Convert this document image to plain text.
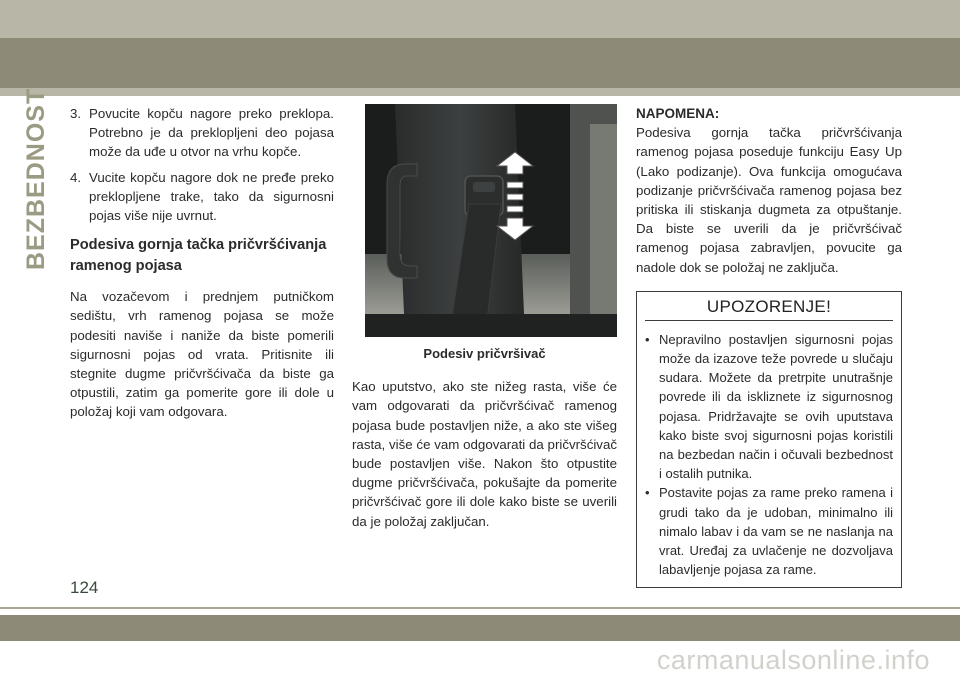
BEZBEDNOST 3. Povucite kopču nagore preko preklopa. Potrebno je da preklopljeni deo pojasa može da uđe u otvor na vrhu kopče.
4. Vucite kopču nagore dok ne pređe preko preklopljene trake, tako da sigurnosni pojas više nije uvrnut.
Podesiva gornja tačka pričvršćivanja ramenog pojasa

Na vozačevom i prednjem putničkom sedištu, vrh ramenog pojasa se može podesiti naviše i naniže da biste pomerili sigurnosni pojas od vrata. Pritisnite ili stegnite dugme pričvršćivača da biste ga otpustili, zatim ga pomerite gore ili dole u položaj koji vam odgovara.

Podesiv pričvršivač

Kao uputstvo, ako ste nižeg rasta, više će vam odgovarati da pričvršćivač ramenog pojasa bude postavljen niže, a ako ste višeg rasta, više će vam odgovarati da pričvršćivač bude postavljen više. Nakon što otpustite dugme pričvršćivača, pokušajte da pomerite pričvršćivač gore ili dole kako biste se uverili da je položaj zaključan.

NAPOMENA:

Podesiva gornja tačka pričvršćivanja ramenog pojasa poseduje funkciju Easy Up (Lako podizanje). Ova funkcija omogućava podizanje pričvršćivača ramenog pojasa bez pritiska ili stiskanja dugmeta za otpuštanje. Da biste se uverili da je pričvršćivač ramenog pojasa zabravljen, povucite ga nadole dok se položaj ne zaključa.

UPOZORENJE!
• Nepravilno postavljen sigurnosni pojas može da izazove teže povrede u slučaju sudara. Možete da pretrpite unutrašnje povrede ili da iskliznete iz sigurnosnog pojasa. Pridržavajte se ovih uputstava kako biste svoj sigurnosni pojas koristili na bezbedan način i očuvali bezbednost i ostalih putnika.
• Postavite pojas za rame preko ramena i grudi tako da je udoban, minimalno ili nimalo labav i da vam se ne naslanja na vrat. Uređaj za uvlačenje ne dozvoljava labavljenje pojasa za rame.
124
carmanualsonline.info
